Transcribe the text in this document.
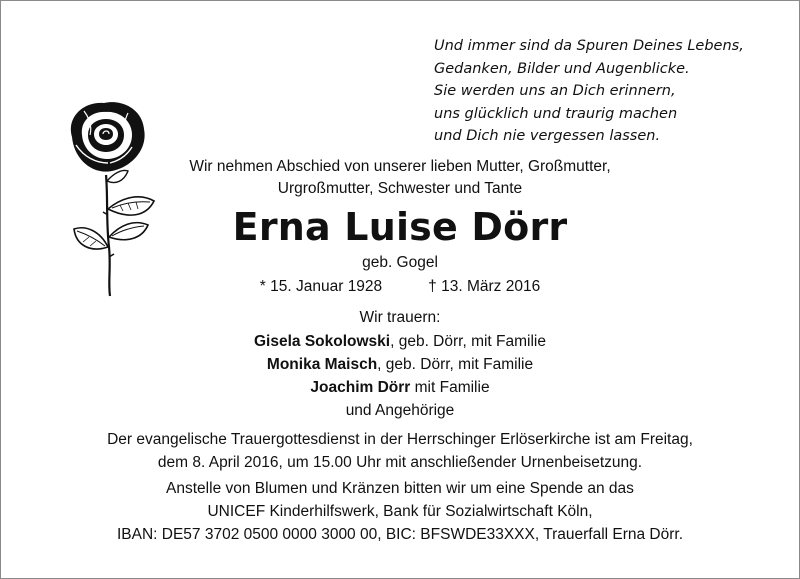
Und immer sind da Spuren Deines Lebens,
Gedanken, Bilder und Augenblicke.
Sie werden uns an Dich erinnern,
uns glücklich und traurig machen
und Dich nie vergessen lassen.
Wir nehmen Abschied von unserer lieben Mutter, Großmutter,
Urgroßmutter, Schwester und Tante
Erna Luise Dörr
geb. Gogel
* 15. Januar 1928	† 13. März 2016
Wir trauern:
Gisela Sokolowski, geb. Dörr, mit Familie
Monika Maisch, geb. Dörr, mit Familie
Joachim Dörr mit Familie
und Angehörige
Der evangelische Trauergottesdienst in der Herrschinger Erlöserkirche ist am Freitag,
dem 8. April 2016, um 15.00 Uhr mit anschließender Urnenbeisetzung.
Anstelle von Blumen und Kränzen bitten wir um eine Spende an das
UNICEF Kinderhilfswerk, Bank für Sozialwirtschaft Köln,
IBAN: DE57 3702 0500 0000 3000 00, BIC: BFSWDE33XXX, Trauerfall Erna Dörr.
